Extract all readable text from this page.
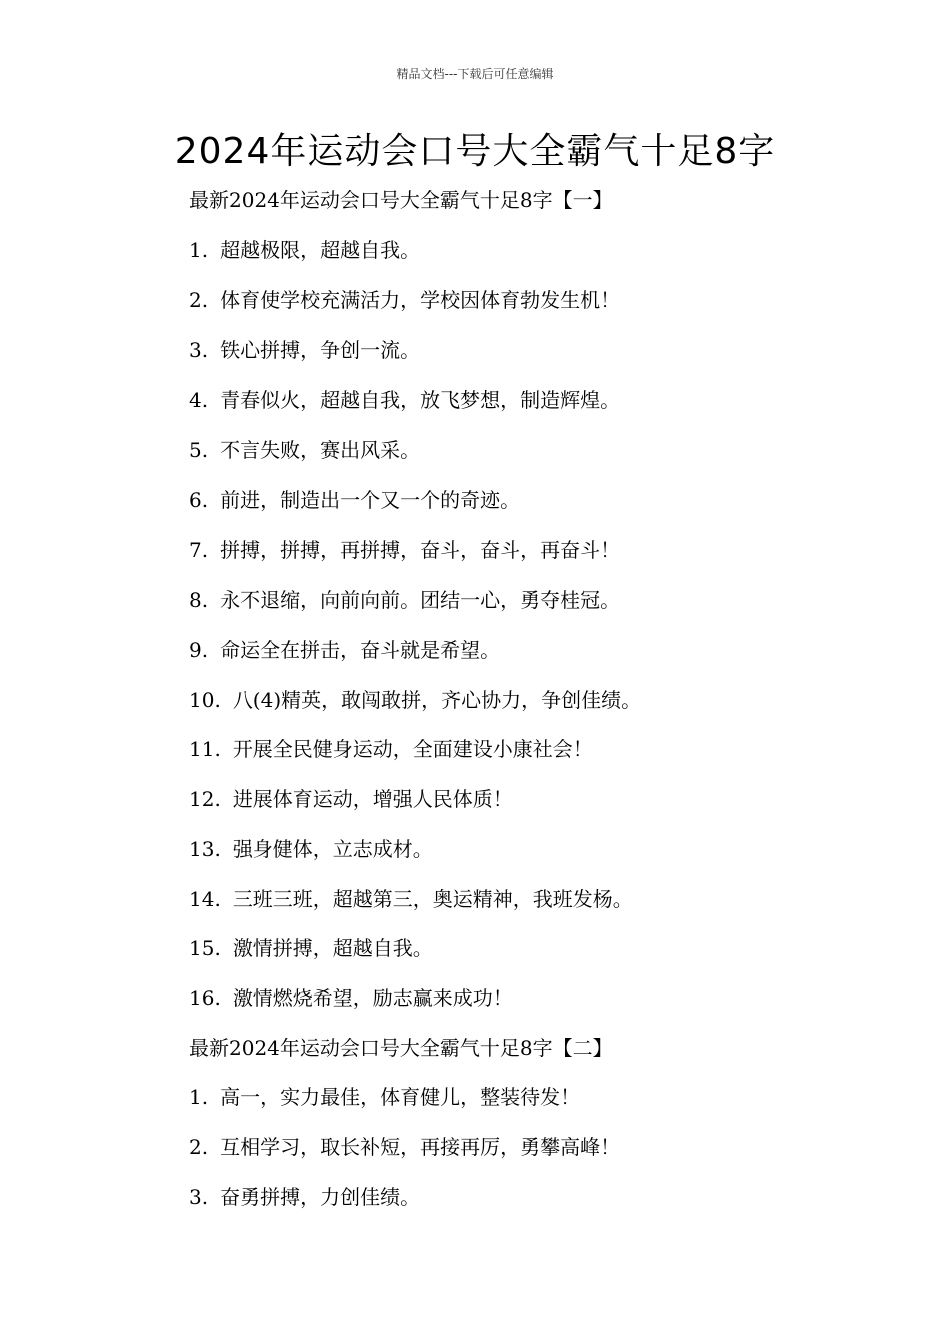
精品文档---下载后可任意编辑
2024年运动会口号大全霸气十足8字
最新2024年运动会口号大全霸气十足8字【一】
1. 超越极限，超越自我。
2. 体育使学校充满活力，学校因体育勃发生机！
3. 铁心拼搏，争创一流。
4. 青春似火，超越自我，放飞梦想，制造辉煌。
5. 不言失败，赛出风采。
6. 前进，制造出一个又一个的奇迹。
7. 拼搏，拼搏，再拼搏，奋斗，奋斗，再奋斗！
8. 永不退缩，向前向前。团结一心，勇夺桂冠。
9. 命运全在拼击，奋斗就是希望。
10. 八(4)精英，敢闯敢拼，齐心协力，争创佳绩。
11. 开展全民健身运动，全面建设小康社会！
12. 进展体育运动，增强人民体质！
13. 强身健体，立志成材。
14. 三班三班，超越第三，奥运精神，我班发杨。
15. 激情拼搏，超越自我。
16. 激情燃烧希望，励志赢来成功！
最新2024年运动会口号大全霸气十足8字【二】
1. 高一，实力最佳，体育健儿，整装待发！
2. 互相学习，取长补短，再接再厉，勇攀高峰！
3. 奋勇拼搏，力创佳绩。
